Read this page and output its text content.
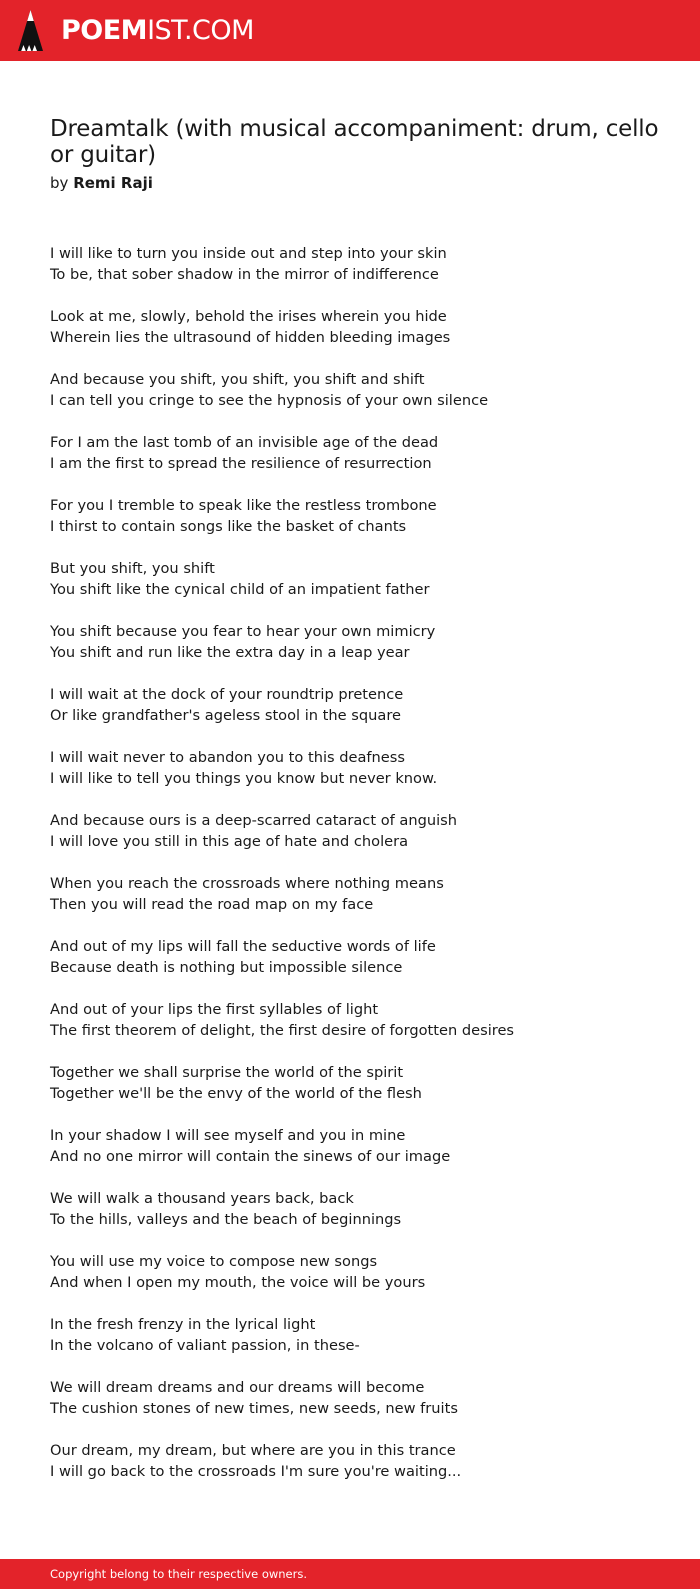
POEMIST.COM
Dreamtalk (with musical accompaniment: drum, cello or guitar)
by Remi Raji
I will like to turn you inside out and step into your skin
To be, that sober shadow in the mirror of indifference
Look at me, slowly, behold the irises wherein you hide
Wherein lies the ultrasound of hidden bleeding images
And because you shift, you shift, you shift and shift
I can tell you cringe to see the hypnosis of your own silence
For I am the last tomb of an invisible age of the dead
I am the first to spread the resilience of resurrection
For you I tremble to speak like the restless trombone
I thirst to contain songs like the basket of chants
But you shift, you shift
You shift like the cynical child of an impatient father
You shift because you fear to hear your own mimicry
You shift and run like the extra day in a leap year
I will wait at the dock of your roundtrip pretence
Or like grandfather's ageless stool in the square
I will wait never to abandon you to this deafness
I will like to tell you things you know but never know.
And because ours is a deep-scarred cataract of anguish
I will love you still in this age of hate and cholera
When you reach the crossroads where nothing means
Then you will read the road map on my face
And out of my lips will fall the seductive words of life
Because death is nothing but impossible silence
And out of your lips the first syllables of light
The first theorem of delight, the first desire of forgotten desires
Together we shall surprise the world of the spirit
Together we'll be the envy of the world of the flesh
In your shadow I will see myself and you in mine
And no one mirror will contain the sinews of our image
We will walk a thousand years back, back
To the hills, valleys and the beach of beginnings
You will use my voice to compose new songs
And when I open my mouth, the voice will be yours
In the fresh frenzy in the lyrical light
In the volcano of valiant passion, in these-
We will dream dreams and our dreams will become
The cushion stones of new times, new seeds, new fruits
Our dream, my dream, but where are you in this trance
I will go back to the crossroads I'm sure you're waiting...
Copyright belong to their respective owners.
